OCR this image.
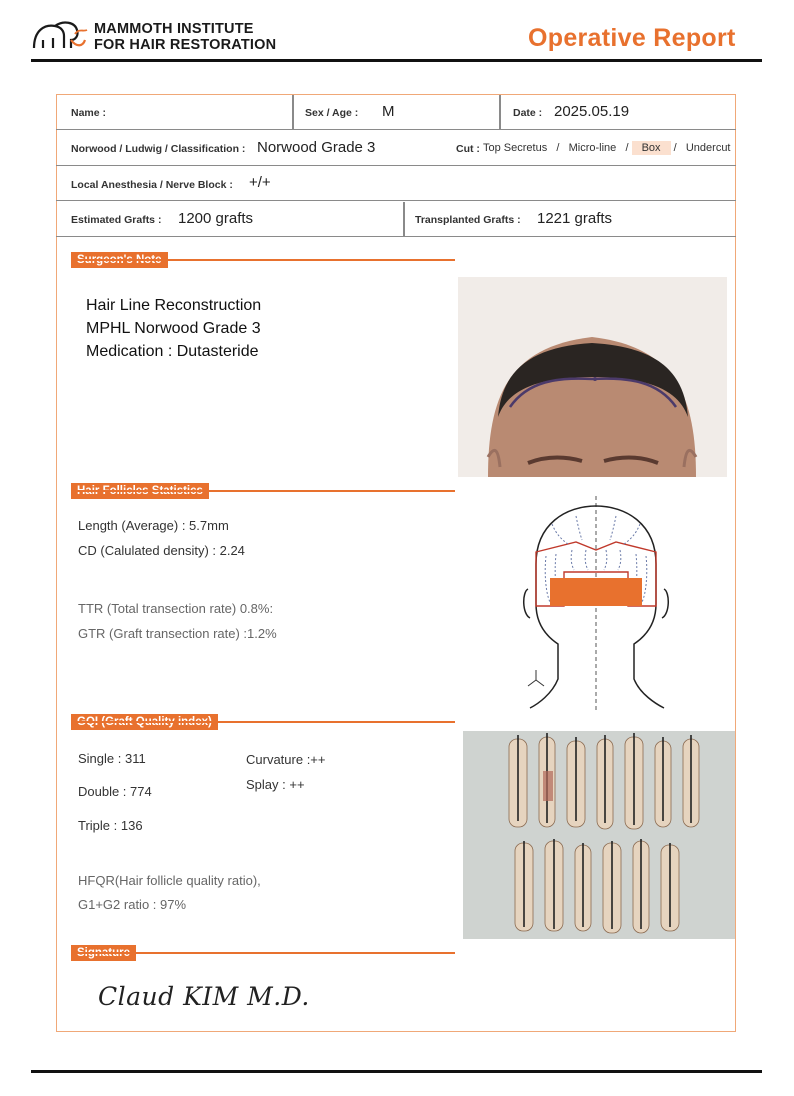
MAMMOTH INSTITUTE
FOR HAIR RESTORATION	Operative Report
Name :	Sex / Age : M	Date : 2025.05.19
Norwood / Ludwig / Classification : Norwood Grade 3	Cut : Top Secretus   /   Micro-line   / Box /   Undercut
Local Anesthesia / Nerve Block : +/+
Estimated Grafts : 1200 grafts	Transplanted Grafts : 1221 grafts
Hair Line Reconstruction
MPHL Norwood Grade 3
Medication : Dutasteride
Length (Average) : 5.7mm
CD (Calulated density) : 2.24
TTR (Total transection rate) 0.8%:
GTR (Graft transection rate) :1.2%
Single : 311
Double : 774
Triple : 136
Curvature :++
Splay : ++
HFQR(Hair follicle quality ratio),
G1+G2 ratio : 97%
Claud KIM M.D.
